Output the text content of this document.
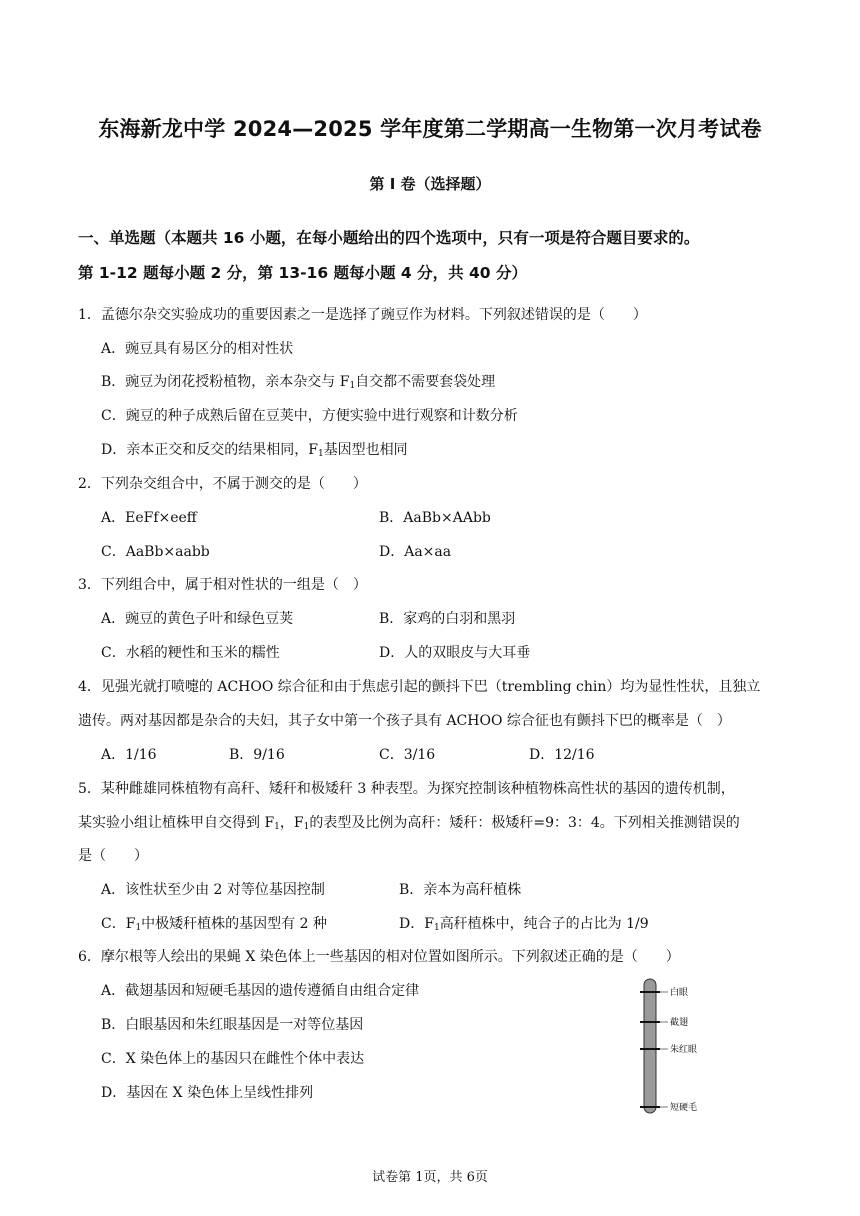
东海新龙中学 2024—2025 学年度第二学期高一生物第一次月考试卷
第 I 卷（选择题）
一、单选题（本题共 16 小题，在每小题给出的四个选项中，只有一项是符合题目要求的。
第 1-12 题每小题 2 分，第 13-16 题每小题 4 分，共 40 分）
1．孟德尔杂交实验成功的重要因素之一是选择了豌豆作为材料。下列叙述错误的是（　　）
A．豌豆具有易区分的相对性状
B．豌豆为闭花授粉植物，亲本杂交与 $F_1$自交都不需要套袋处理
C．豌豆的种子成熟后留在豆荚中，方便实验中进行观察和计数分析
D．亲本正交和反交的结果相同，$F_1$基因型也相同
2．下列杂交组合中，不属于测交的是（　　）
A．EeFf×eeff	B．AaBb×AAbb
C．AaBb×aabb	D．Aa×aa
3．下列组合中，属于相对性状的一组是（　）
A．豌豆的黄色子叶和绿色豆荚	B．家鸡的白羽和黑羽
C．水稻的粳性和玉米的糯性	D．人的双眼皮与大耳垂
4．见强光就打喷嚏的 ACHOO 综合征和由于焦虑引起的颤抖下巴（trembling chin）均为显性性状，且独立
遗传。两对基因都是杂合的夫妇，其子女中第一个孩子具有 ACHOO 综合征也有颤抖下巴的概率是（　）
A．1/16	B．9/16	C．3/16	D．12/16
5．某种雌雄同株植物有高秆、矮秆和极矮秆 3 种表型。为探究控制该种植物株高性状的基因的遗传机制，
某实验小组让植株甲自交得到 $F_1$，$F_1$的表型及比例为高秆：矮秆：极矮秆=9：3：4。下列相关推测错误的
是（　　）
A．该性状至少由 2 对等位基因控制	B．亲本为高秆植株
C．$F_1$中极矮秆植株的基因型有 2 种	D．$F_1$高秆植株中，纯合子的占比为 1/9
6．摩尔根等人绘出的果蝇 X 染色体上一些基因的相对位置如图所示。下列叙述正确的是（　　）
A．截翅基因和短硬毛基因的遗传遵循自由组合定律
B．白眼基因和朱红眼基因是一对等位基因
C．X 染色体上的基因只在雌性个体中表达
D．基因在 X 染色体上呈线性排列
白眼
截翅
朱红眼
短硬毛
试卷第 1页，共 6页
